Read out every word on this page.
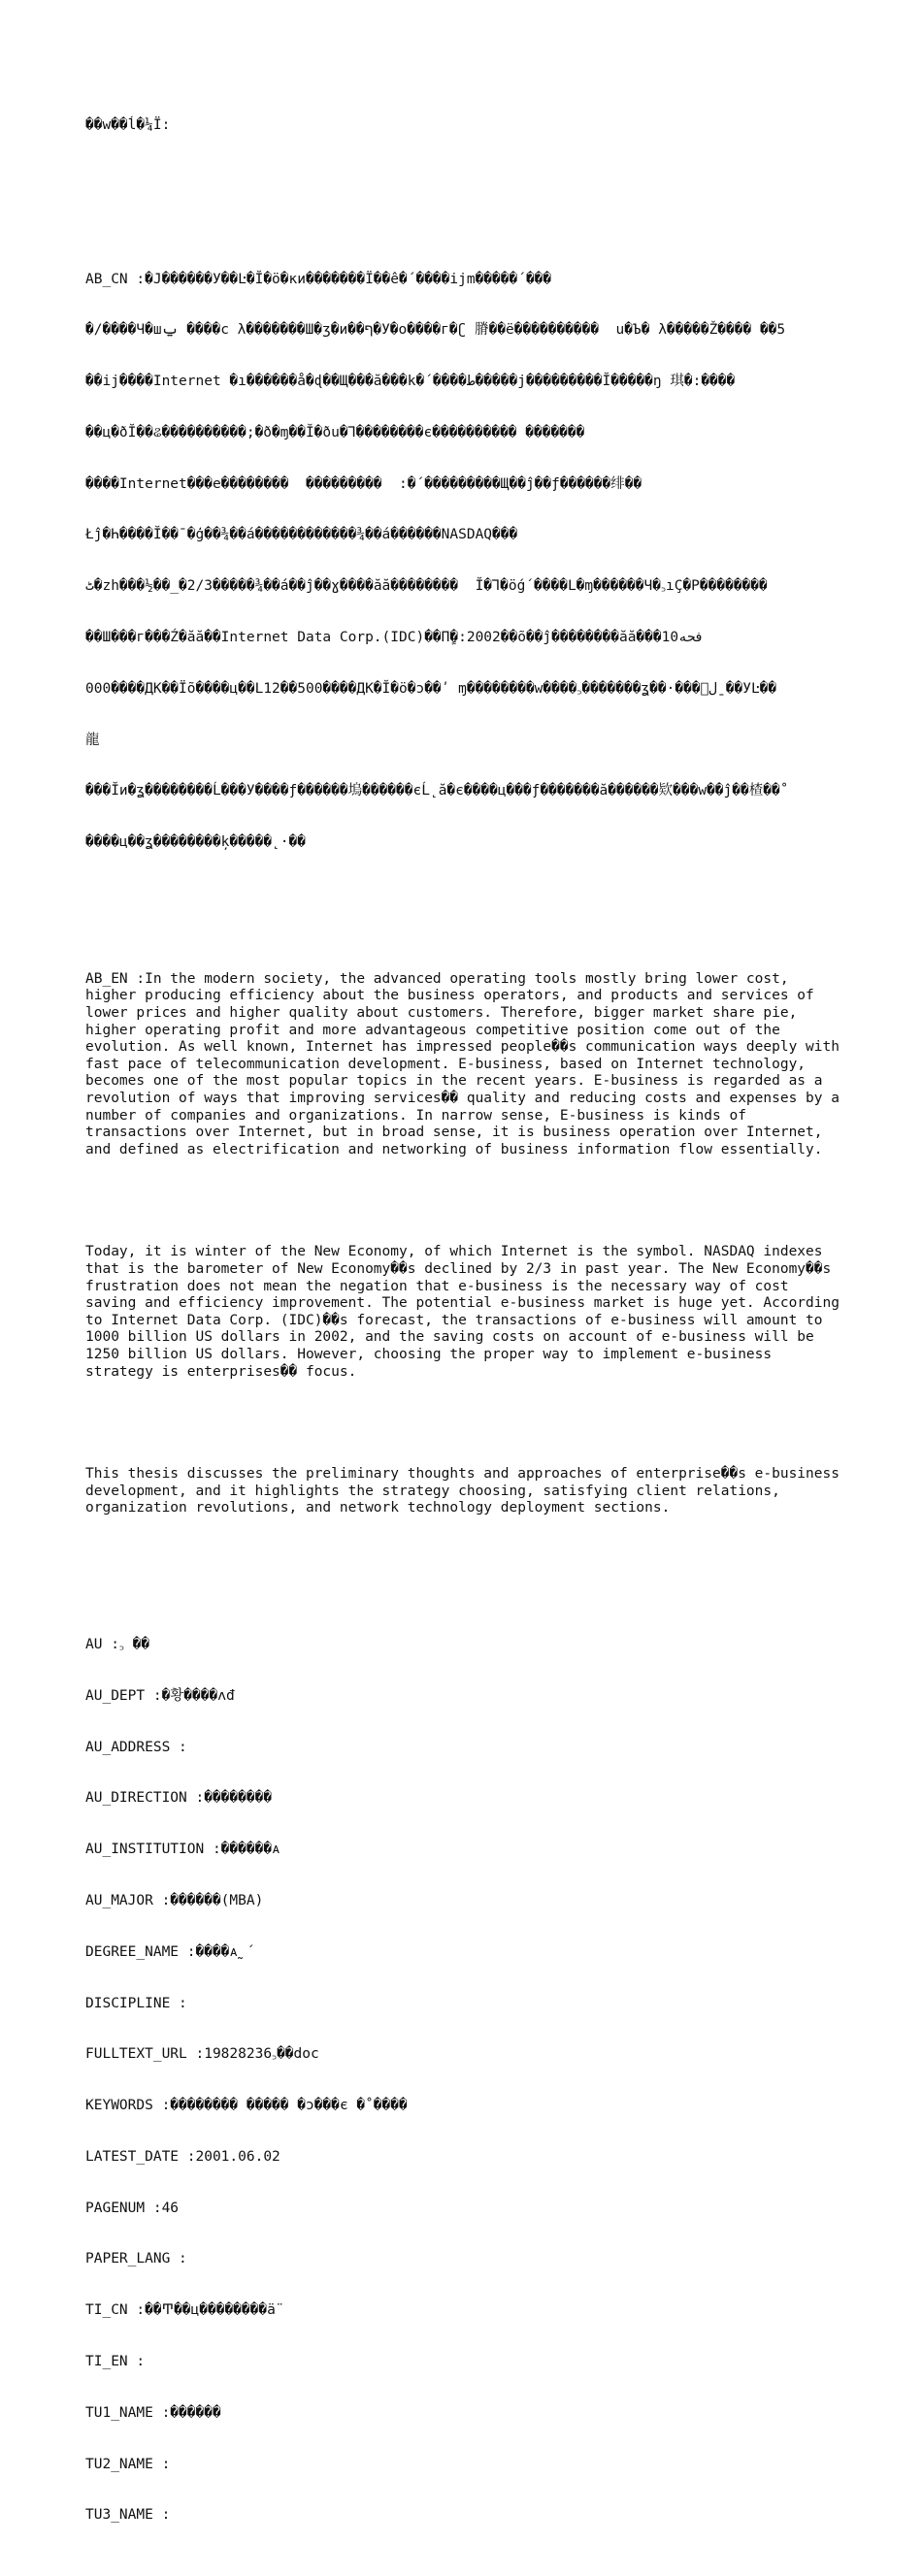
��w��ĺ�¼Ï:

AB_CN :�Ј������У��Ŀ�Ĭ�ö�ки�������Ї��ê�΄����ijm�����΄���

�/����Ч�шݐ ����с λ�������Ш�ʒ�и��ף�У�о����г�ʗ 膌��ë����������  u�Ъ� λ�����Ž���� ��5

��ij����Internet �ı������å�ɖ��Щ���ӑ���k�΄����ط�����ј���������Ĭ�����ŋ 琪�꞉����

��ц�ðĬ��ଌ����������;�ð�ɱ��Ĭ�ðu�Ꞁ��������є���������� �������

����Internet���е��������  ���������  ꞉�΄���������Щ��ĵ��ƒ������绯��

Łĵ�Һ����Ĭ��ˉ�ģ��¾��á������������¾��á������NASDAQ���

ٹ�zh���½��_�2/3�����¾��á��ĵ��ɣ����ӑӑ��������  Ĭ�Ꞁ�öǵ΄����L�ɱ������Ч�꜆ıÇ�P��������

��Ш���г���Ź�ӑӑ��Internet Data Corp.(IDC)��Пٍ�꞉2002��õ��ĵ��������ӑӑ���10فحه

000����ДК��Ïõ����ц��L12��500����ДК�Ĭ�ö�ɔ��ʹ ɱ��������w����꜆�������ʓ��·���ل⃓ˍ��УĿ��

龍

���Ĭи�ʓ��������Ĺ���У����ƒ������塢������єĹ˛ӑ�є����ц���ƒ�������ӑ������欵���w��ĵ��楂��˚

����ц��ʓ��������ķ�����˛·��

AB_EN :In the modern society, the advanced operating tools mostly bring lower cost, higher producing efficiency about the business operators, and products and services of lower prices and higher quality about customers. Therefore, bigger market share pie, higher operating profit and more advantageous competitive position come out of the evolution. As well known, Internet has impressed people��s communication ways deeply with fast pace of telecommunication development. E-business, based on Internet technology, becomes one of the most popular topics in the recent years. E-business is regarded as a revolution of ways that improving services�� quality and reducing costs and expenses by a number of companies and organizations. In narrow sense, E-business is kinds of transactions over Internet, but in broad sense, it is business operation over Internet, and defined as electrification and networking of business information flow essentially.

Today, it is winter of the New Economy, of which Internet is the symbol. NASDAQ indexes that is the barometer of New Economy��s declined by 2/3 in past year. The New Economy��s frustration does not mean the negation that e-business is the necessary way of cost saving and efficiency improvement. The potential e-business market is huge yet. According to Internet Data Corp. (IDC)��s forecast, the transactions of e-business will amount to 1000 billion US dollars in 2002, and the saving costs on account of e-business will be 1250 billion US dollars. However, choosing the proper way to implement e-business strategy is enterprises�� focus.

This thesis discusses the preliminary thoughts and approaches of enterprise��s e-business development, and it highlights the strategy choosing, satisfying client relations, organization revolutions, and network technology deployment sections.

AU :꜆ ��

AU_DEPT :�황����ʌđ

AU_ADDRESS :

AU_DIRECTION :��������

AU_INSTITUTION :������ᴀ

AU_MAJOR :������(MBA)

DEGREE_NAME :����ᴀ˷΄

DISCIPLINE :

FULLTEXT_URL :19828236꜆��doc

KEYWORDS :�������� ����� �ɔ���є �˚����

LATEST_DATE :2001.06.02

PAGENUM :46

PAPER_LANG :

TI_CN :��Ͳ��ц��������ӓ̈

TI_EN :

TU1_NAME :������

TU2_NAME :

TU3_NAME :
